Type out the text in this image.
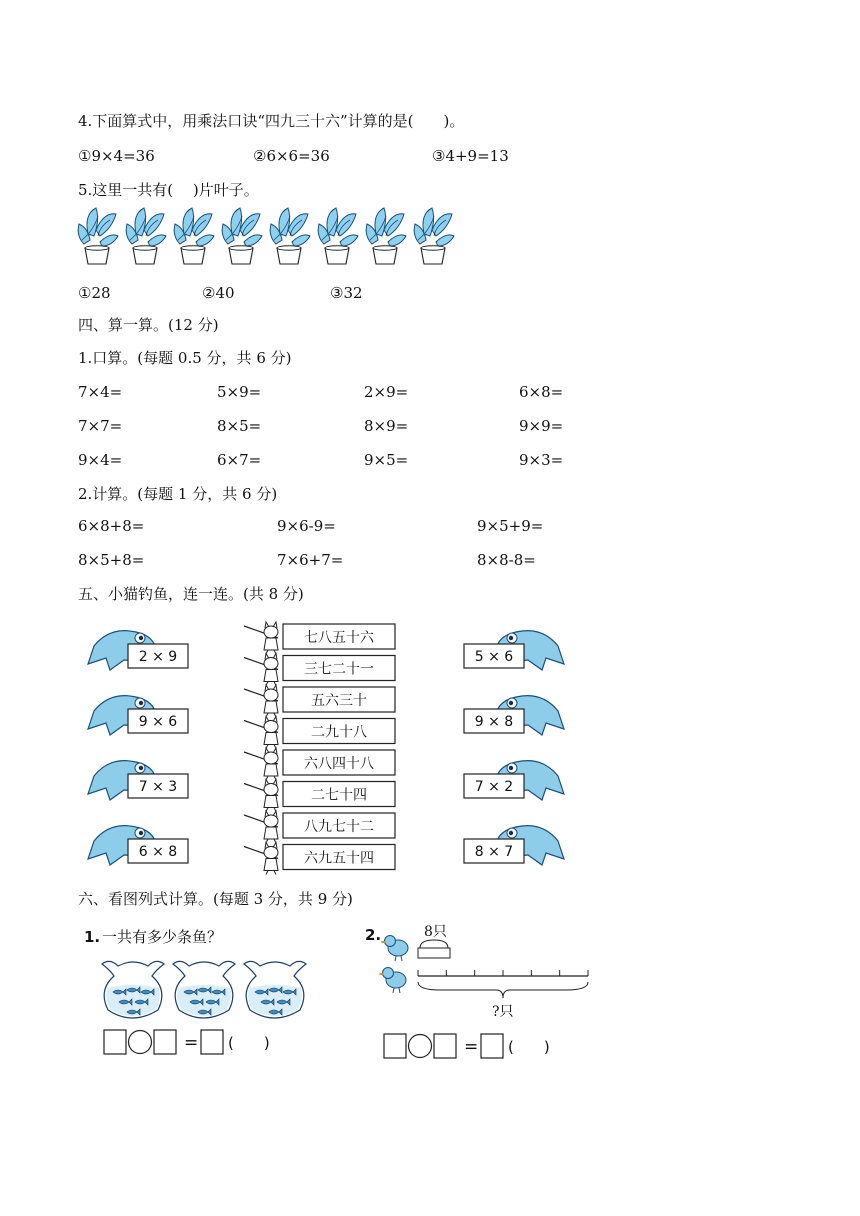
4.下面算式中，用乘法口诀“四九三十六”计算的是(　　)。
①9×4=36	②6×6=36	③4+9=13
5.这里一共有(　 )片叶子。
①28	②40	③32
四、算一算。(12 分)
1.口算。(每题 0.5 分，共 6 分)
7×4=	5×9=	2×9=	6×8=
7×7=	8×5=	8×9=	9×9=
9×4=	6×7=	9×5=	9×3=
2.计算。(每题 1 分，共 6 分)
6×8+8=	9×6-9=	9×5+9=
8×5+8=	7×6+7=	8×8-8=
五、小猫钓鱼，连一连。(共 8 分)
2 × 9
9 × 6
7 × 3
6 × 8
5 × 6
9 × 8
7 × 2
8 × 7
七八五十六
三七二十一
五六三十
二九十八
六八四十八
二七十四
八九七十二
六九五十四
六、看图列式计算。(每题 3 分，共 9 分)
1. 一共有多少条鱼？
= (　　)
2.	8只
?只
= (　　)
